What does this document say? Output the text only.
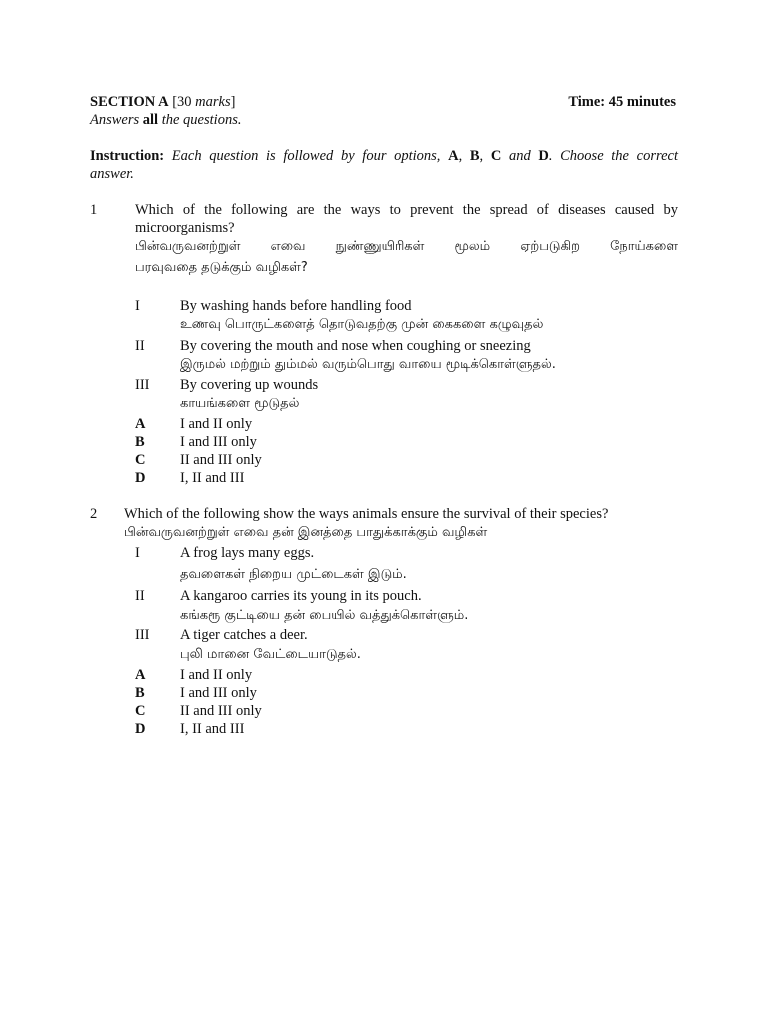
SECTION A [30 marks]	Time: 45 minutes
Answers all the questions.
Instruction: Each question is followed by four options, A, B, C and D. Choose the correct
answer.
1	Which of the following are the ways to prevent the spread of diseases caused by
microorganisms?
பின்வருவனற்றுள் எவை நுண்ணுயிரிகள் மூலம் ஏற்படுகிற நோய்களை
பரவுவதை தடுக்கும் வழிகள்?
I	By washing hands before handling food
உணவு பொருட்களைத் தொடுவதற்கு முன் கைகளை கழுவுதல்
II By covering the mouth and nose when coughing or sneezing
இருமல் மற்றும் தும்மல் வரும்பொது வாயை மூடிக்கொள்ளுதல்.
III By covering up wounds
காயங்களை மூடுதல்
A I and II only
B I and III only
C II and III only
D I, II and III
2 Which of the following show the ways animals ensure the survival of their species?
பின்வருவனற்றுள் எவை தன் இனத்தை பாதுக்காக்கும் வழிகள்
I	A frog lays many eggs.
தவளைகள் நிறைய முட்டைகள் இடும்.
II A kangaroo carries its young in its pouch.
கங்கரூ குட்டியை தன் பையில் வத்துக்கொள்ளும்.
III A tiger catches a deer.
புலி மானை வேட்டையாடுதல்.
A I and II only
B I and III only
C II and III only
D I, II and III
